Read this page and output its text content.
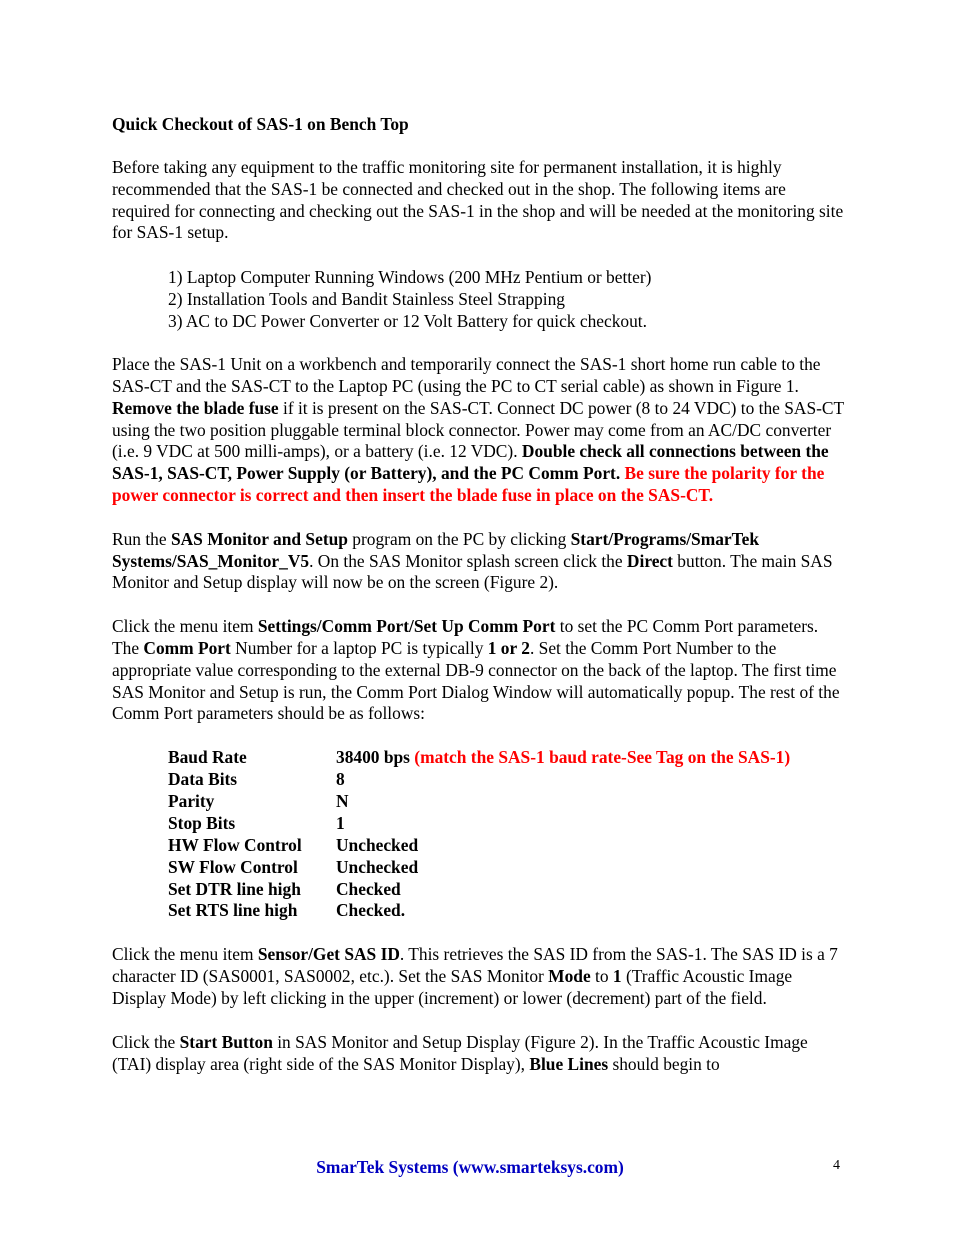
Quick Checkout of SAS-1 on Bench Top

Before taking any equipment to the traffic monitoring site for permanent installation, it is highly recommended that the SAS-1 be connected and checked out in the shop. The following items are required for connecting and checking out the SAS-1 in the shop and will be needed at the monitoring site for SAS-1 setup.

1) Laptop Computer Running Windows (200 MHz Pentium or better)
2) Installation Tools and Bandit Stainless Steel Strapping
3) AC to DC Power Converter or 12 Volt Battery for quick checkout.

Place the SAS-1 Unit on a workbench and temporarily connect the SAS-1 short home run cable to the SAS-CT and the SAS-CT to the Laptop PC (using the PC to CT serial cable) as shown in Figure 1. Remove the blade fuse if it is present on the SAS-CT. Connect DC power (8 to 24 VDC) to the SAS-CT using the two position pluggable terminal block connector. Power may come from an AC/DC converter (i.e. 9 VDC at 500 milli-amps), or a battery (i.e. 12 VDC). Double check all connections between the SAS-1, SAS-CT, Power Supply (or Battery), and the PC Comm Port. Be sure the polarity for the power connector is correct and then insert the blade fuse in place on the SAS-CT.

Run the SAS Monitor and Setup program on the PC by clicking Start/Programs/SmarTek Systems/SAS_Monitor_V5. On the SAS Monitor splash screen click the Direct button. The main SAS Monitor and Setup display will now be on the screen (Figure 2).

Click the menu item Settings/Comm Port/Set Up Comm Port to set the PC Comm Port parameters. The Comm Port Number for a laptop PC is typically 1 or 2. Set the Comm Port Number to the appropriate value corresponding to the external DB-9 connector on the back of the laptop. The first time SAS Monitor and Setup is run, the Comm Port Dialog Window will automatically popup. The rest of the Comm Port parameters should be as follows:

Baud Rate	38400 bps (match the SAS-1 baud rate-See Tag on the SAS-1)
Data Bits	8
Parity	N
Stop Bits	1
HW Flow Control	Unchecked
SW Flow Control	Unchecked
Set DTR line high	Checked
Set RTS line high	Checked.

Click the menu item Sensor/Get SAS ID. This retrieves the SAS ID from the SAS-1. The SAS ID is a 7 character ID (SAS0001, SAS0002, etc.). Set the SAS Monitor Mode to 1 (Traffic Acoustic Image Display Mode) by left clicking in the upper (increment) or lower (decrement) part of the field.

Click the Start Button in SAS Monitor and Setup Display (Figure 2). In the Traffic Acoustic Image (TAI) display area (right side of the SAS Monitor Display), Blue Lines should begin to

SmarTek Systems (www.smarteksys.com)	4
